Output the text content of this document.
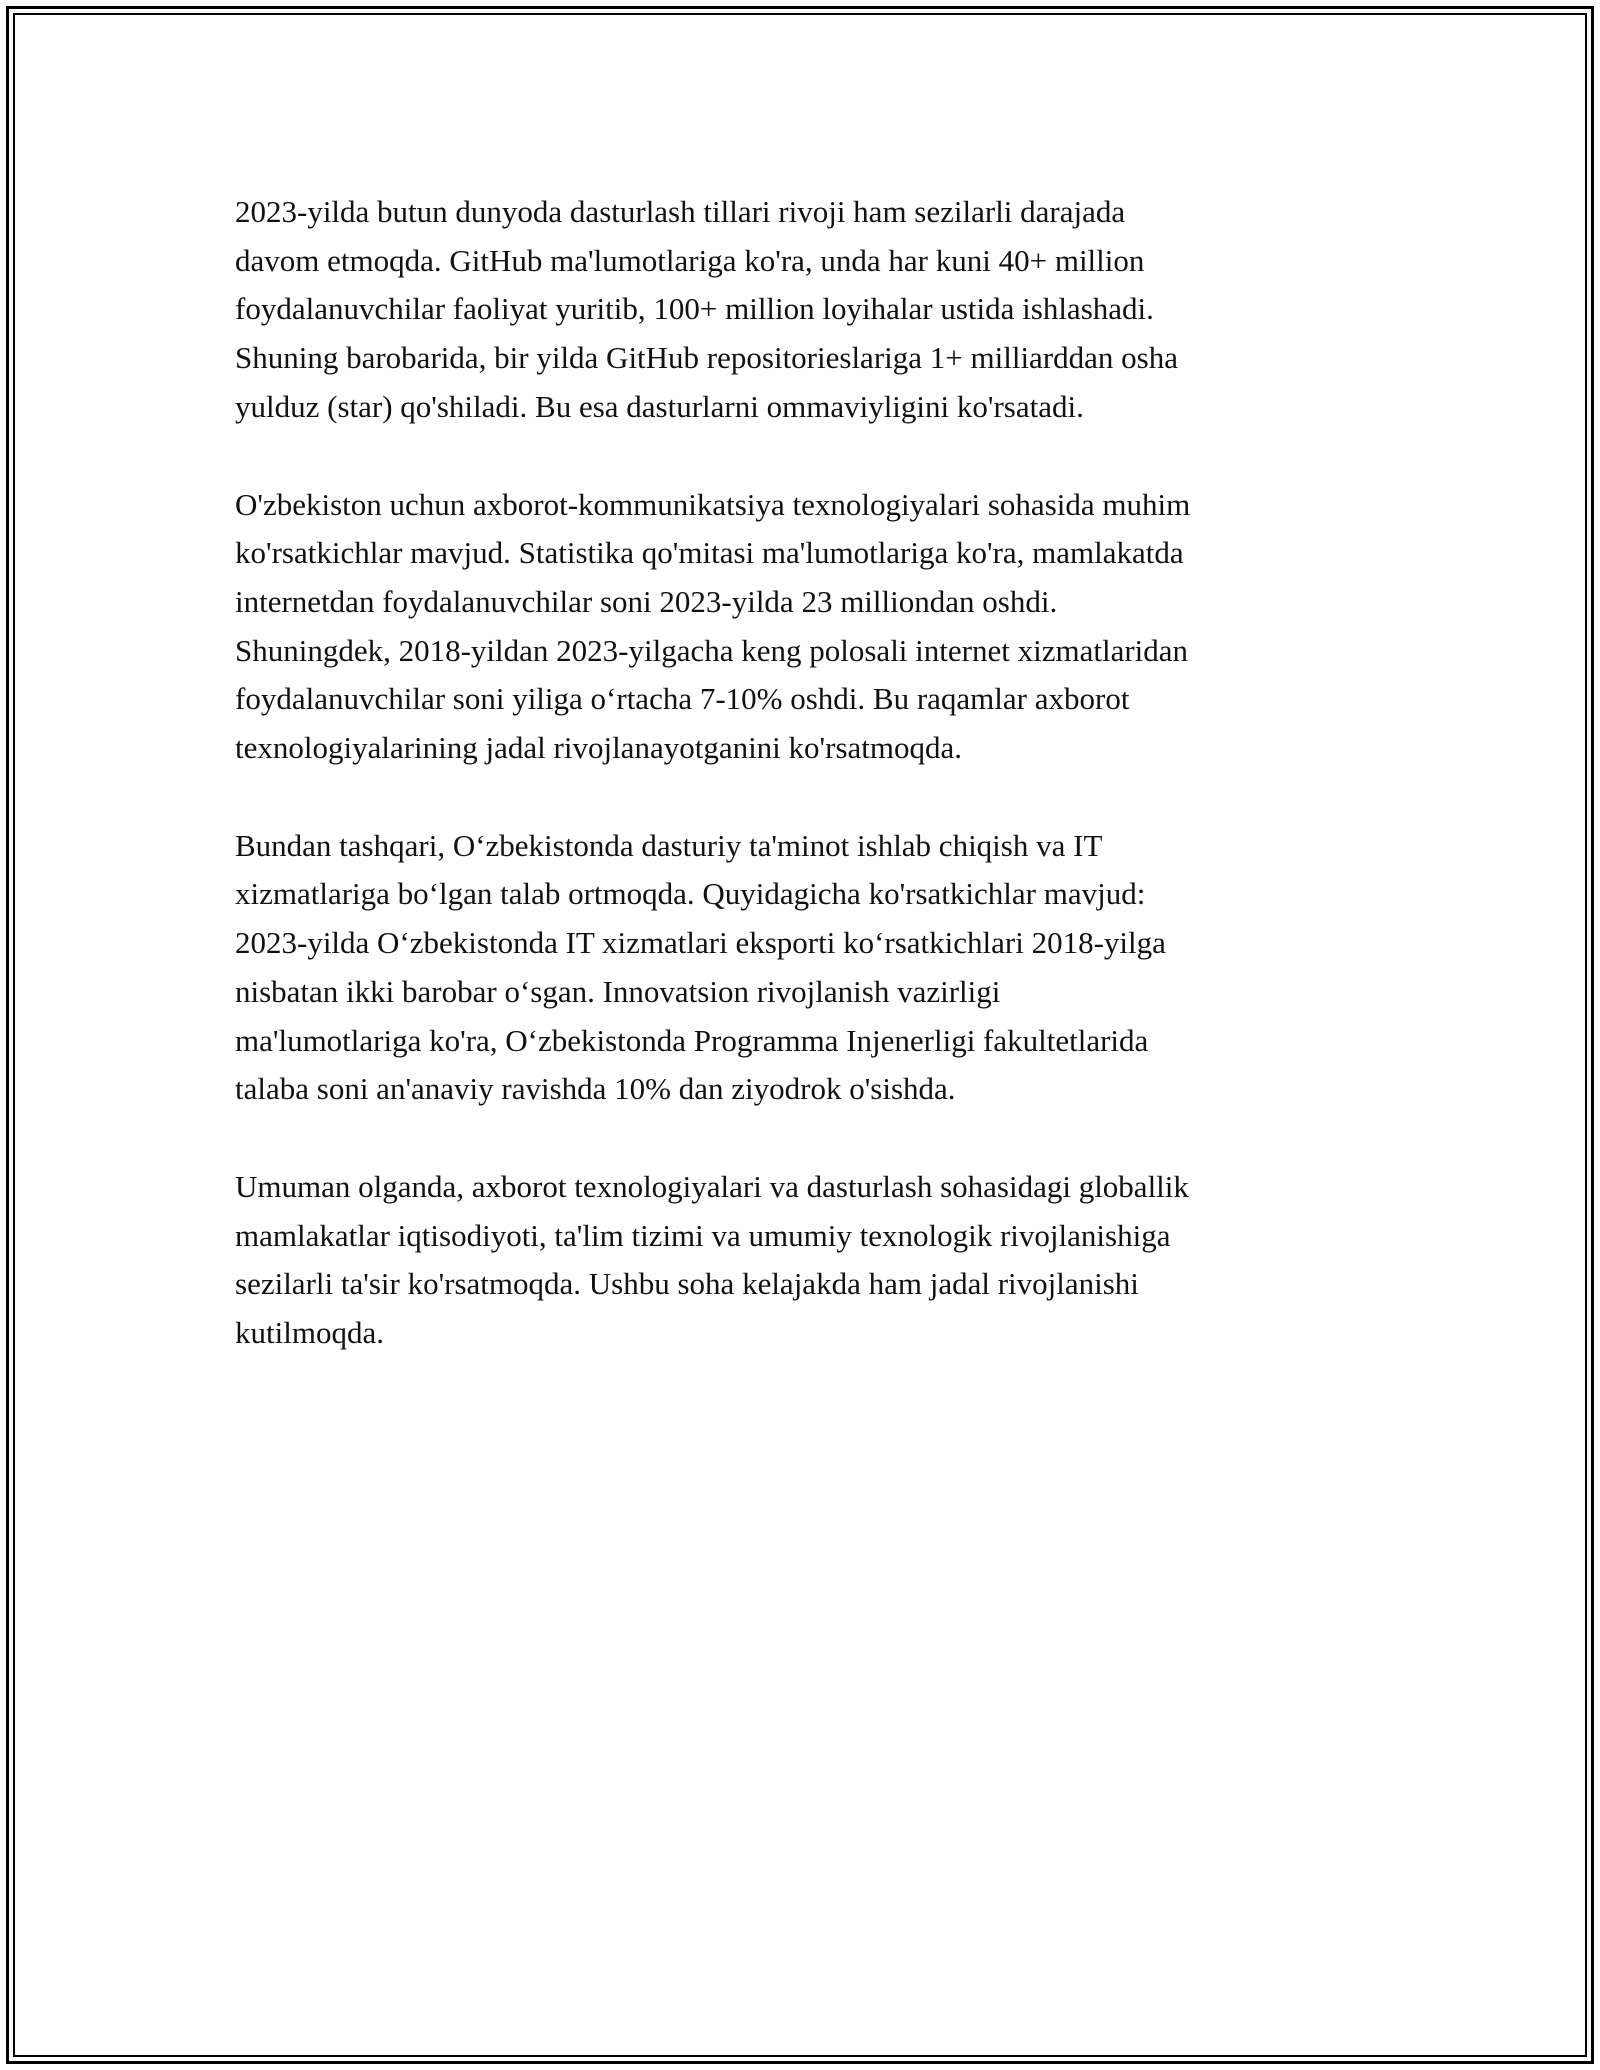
2023-yilda butun dunyoda dasturlash tillari rivoji ham sezilarli darajada
davom etmoqda. GitHub ma'lumotlariga ko'ra, unda har kuni 40+ million
foydalanuvchilar faoliyat yuritib, 100+ million loyihalar ustida ishlashadi.
Shuning barobarida, bir yilda GitHub repositorieslariga 1+ milliarddan osha
yulduz (star) qo'shiladi. Bu esa dasturlarni ommaviyligini ko'rsatadi.

O'zbekiston uchun axborot-kommunikatsiya texnologiyalari sohasida muhim
ko'rsatkichlar mavjud. Statistika qo'mitasi ma'lumotlariga ko'ra, mamlakatda
internetdan foydalanuvchilar soni 2023-yilda 23 milliondan oshdi.
Shuningdek, 2018-yildan 2023-yilgacha keng polosali internet xizmatlaridan
foydalanuvchilar soni yiliga o‘rtacha 7-10% oshdi. Bu raqamlar axborot
texnologiyalarining jadal rivojlanayotganini ko'rsatmoqda.

Bundan tashqari, O‘zbekistonda dasturiy ta'minot ishlab chiqish va IT
xizmatlariga bo‘lgan talab ortmoqda. Quyidagicha ko'rsatkichlar mavjud:
2023-yilda O‘zbekistonda IT xizmatlari eksporti ko‘rsatkichlari 2018-yilga
nisbatan ikki barobar o‘sgan. Innovatsion rivojlanish vazirligi
ma'lumotlariga ko'ra, O‘zbekistonda Programma Injenerligi fakultetlarida
talaba soni an'anaviy ravishda 10% dan ziyodrok o'sishda.

Umuman olganda, axborot texnologiyalari va dasturlash sohasidagi globallik
mamlakatlar iqtisodiyoti, ta'lim tizimi va umumiy texnologik rivojlanishiga
sezilarli ta'sir ko'rsatmoqda. Ushbu soha kelajakda ham jadal rivojlanishi
kutilmoqda.
